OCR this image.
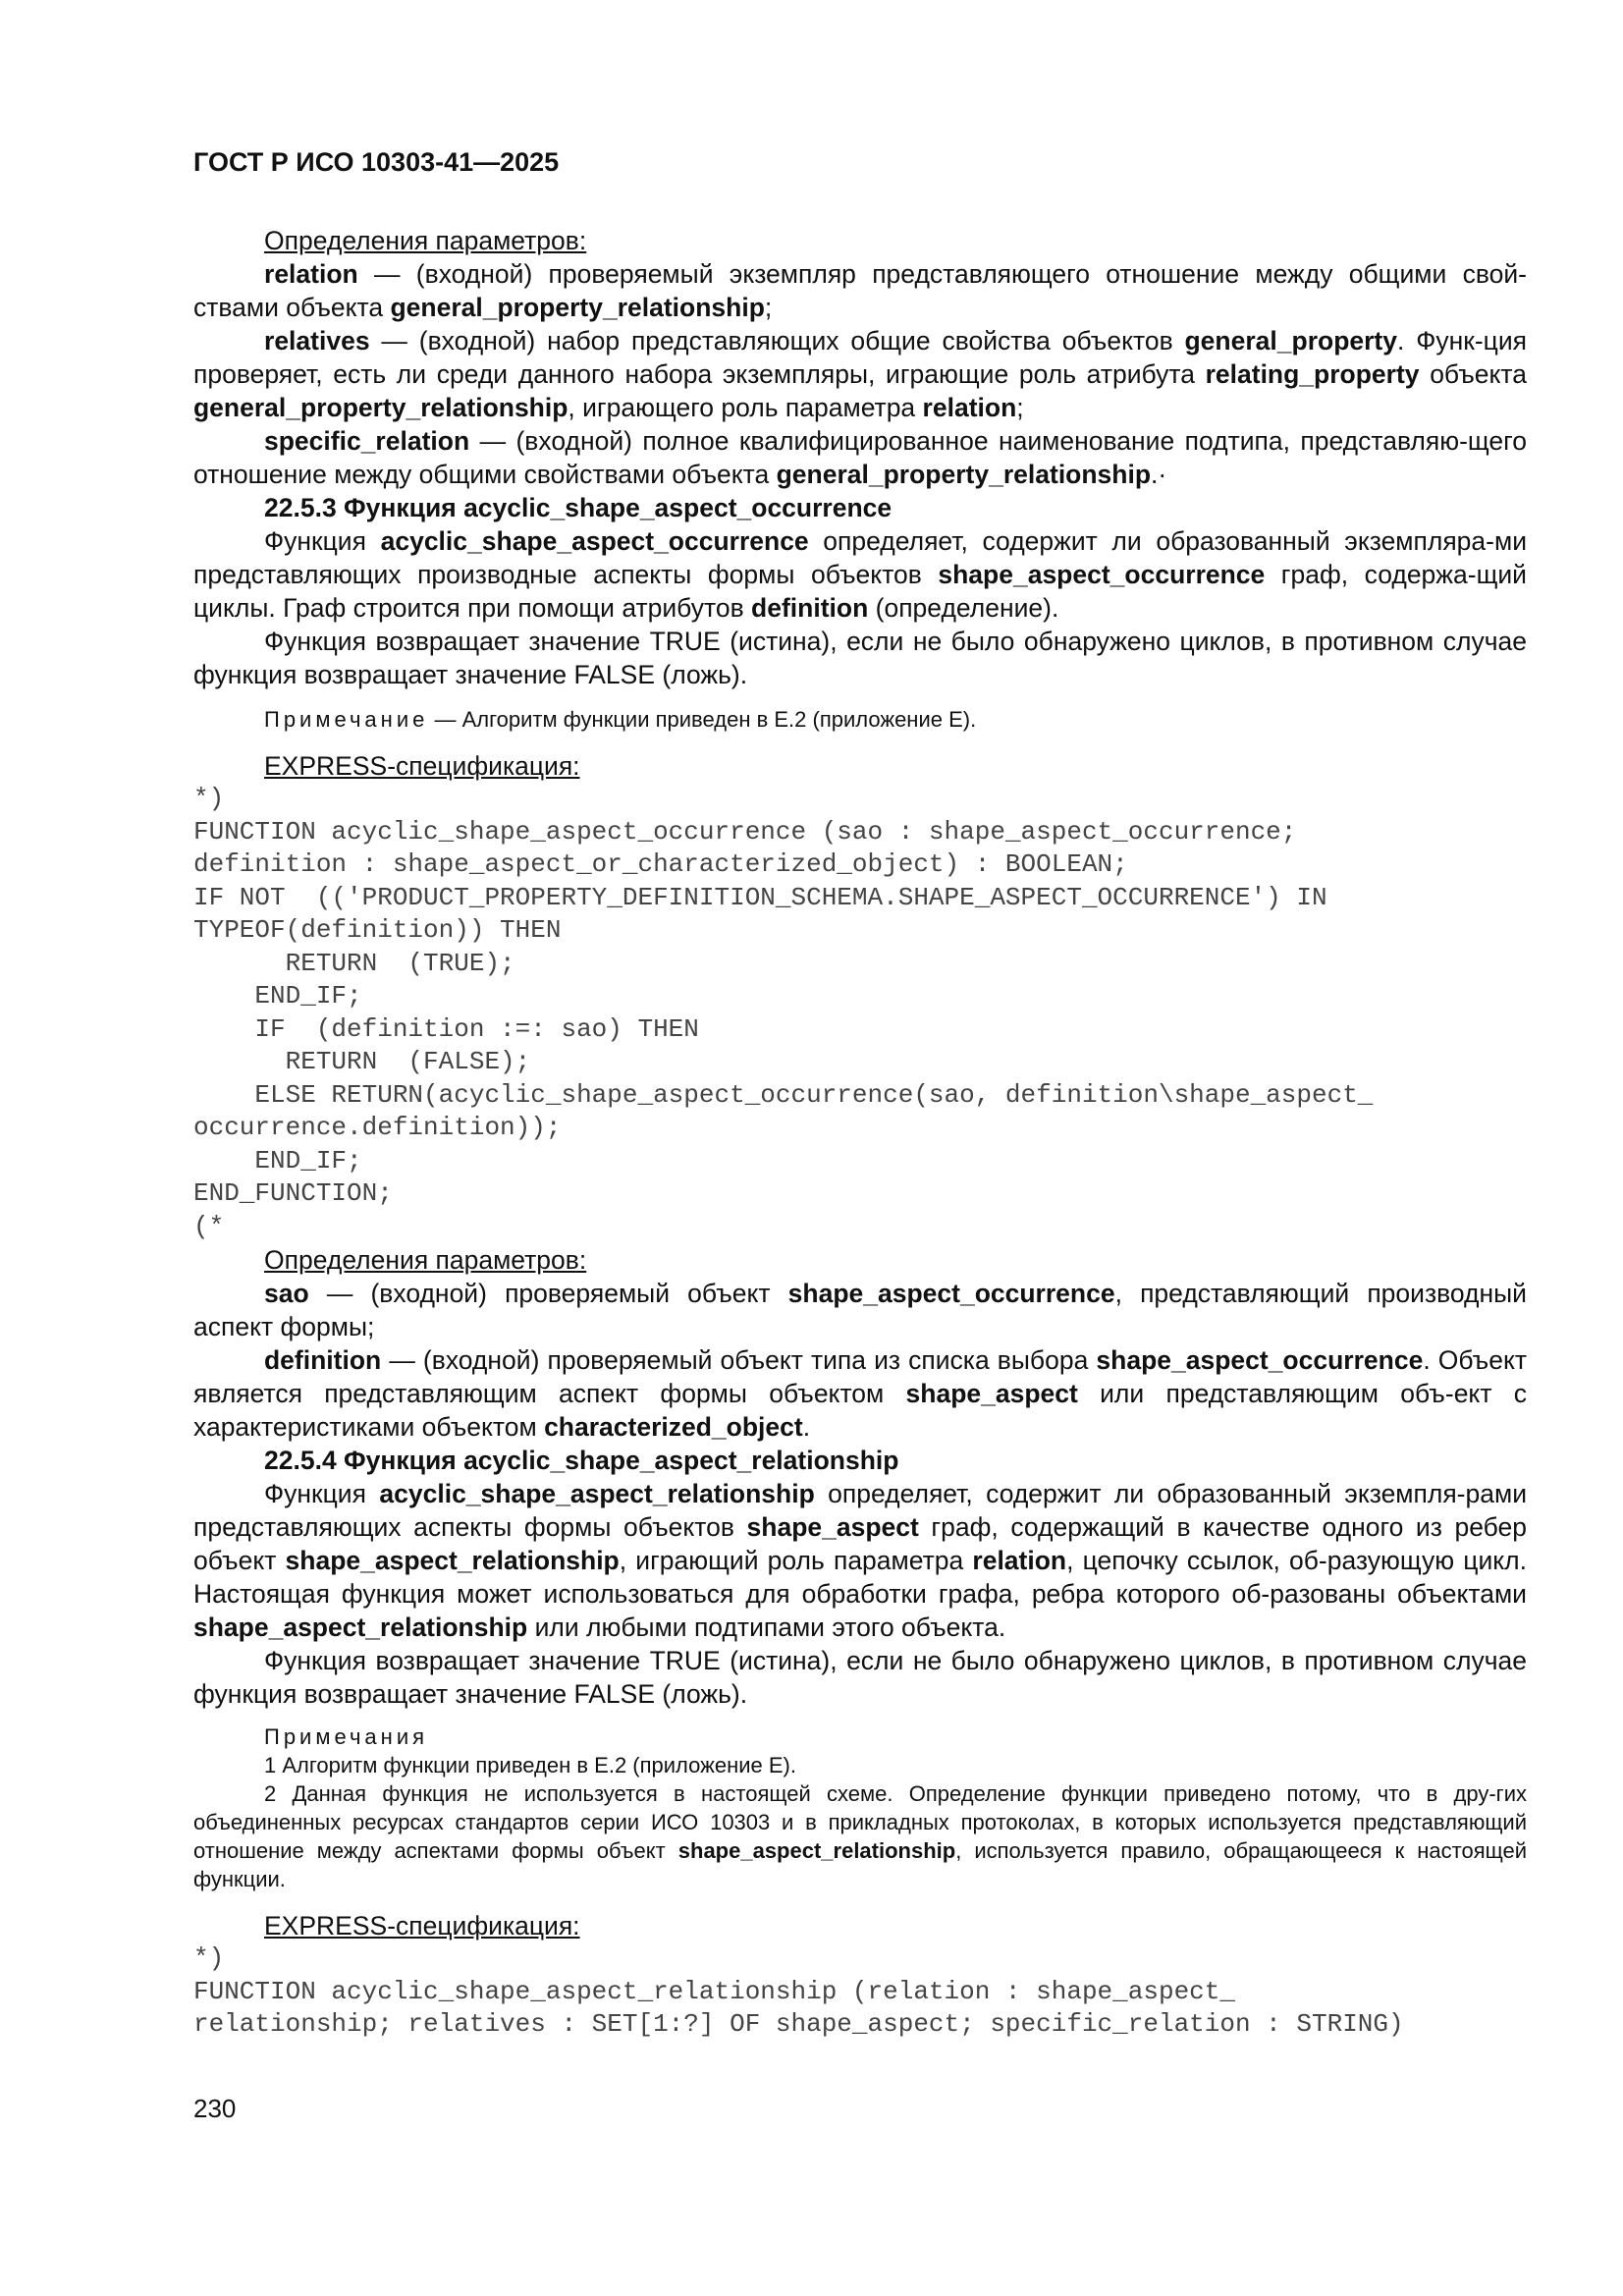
ГОСТ Р ИСО 10303-41—2025

Определения параметров:

relation — (входной) проверяемый экземпляр представляющего отношение между общими свой-ствами объекта general_property_relationship;

relatives — (входной) набор представляющих общие свойства объектов general_property. Функ-ция проверяет, есть ли среди данного набора экземпляры, играющие роль атрибута relating_property объекта general_property_relationship, играющего роль параметра relation;

specific_relation — (входной) полное квалифицированное наименование подтипа, представляю-щего отношение между общими свойствами объекта general_property_relationship.·

22.5.3 Функция acyclic_shape_aspect_occurrence

Функция acyclic_shape_aspect_occurrence определяет, содержит ли образованный экземпляра-ми представляющих производные аспекты формы объектов shape_aspect_occurrence граф, содержа-щий циклы. Граф строится при помощи атрибутов definition (определение).

Функция возвращает значение TRUE (истина), если не было обнаружено циклов, в противном случае функция возвращает значение FALSE (ложь).

Примечание — Алгоритм функции приведен в Е.2 (приложение Е).

EXPRESS-спецификация:

*)
FUNCTION acyclic_shape_aspect_occurrence (sao : shape_aspect_occurrence;
definition : shape_aspect_or_characterized_object) : BOOLEAN;
IF NOT  (('PRODUCT_PROPERTY_DEFINITION_SCHEMA.SHAPE_ASPECT_OCCURRENCE') IN
TYPEOF(definition)) THEN
RETURN  (TRUE);
END_IF;
IF  (definition :=: sao) THEN
RETURN  (FALSE);
ELSE RETURN(acyclic_shape_aspect_occurrence(sao, definition\shape_aspect_
occurrence.definition));
END_IF;
END_FUNCTION;
(*

Определения параметров:

sao — (входной) проверяемый объект shape_aspect_occurrence, представляющий производный аспект формы;

definition — (входной) проверяемый объект типа из списка выбора shape_aspect_occurrence. Объект является представляющим аспект формы объектом shape_aspect или представляющим объ-ект с характеристиками объектом characterized_object.

22.5.4 Функция acyclic_shape_aspect_relationship

Функция acyclic_shape_aspect_relationship определяет, содержит ли образованный экземпля-рами представляющих аспекты формы объектов shape_aspect граф, содержащий в качестве одного из ребер объект shape_aspect_relationship, играющий роль параметра relation, цепочку ссылок, об-разующую цикл. Настоящая функция может использоваться для обработки графа, ребра которого об-разованы объектами shape_aspect_relationship или любыми подтипами этого объекта.

Функция возвращает значение TRUE (истина), если не было обнаружено циклов, в противном случае функция возвращает значение FALSE (ложь).

Примечания

1 Алгоритм функции приведен в Е.2 (приложение Е).

2 Данная функция не используется в настоящей схеме. Определение функции приведено потому, что в дру-гих объединенных ресурсах стандартов серии ИСО 10303 и в прикладных протоколах, в которых используется представляющий отношение между аспектами формы объект shape_aspect_relationship, используется правило, обращающееся к настоящей функции.

EXPRESS-спецификация:

*)
FUNCTION acyclic_shape_aspect_relationship (relation : shape_aspect_
relationship; relatives : SET[1:?] OF shape_aspect; specific_relation : STRING)
230
